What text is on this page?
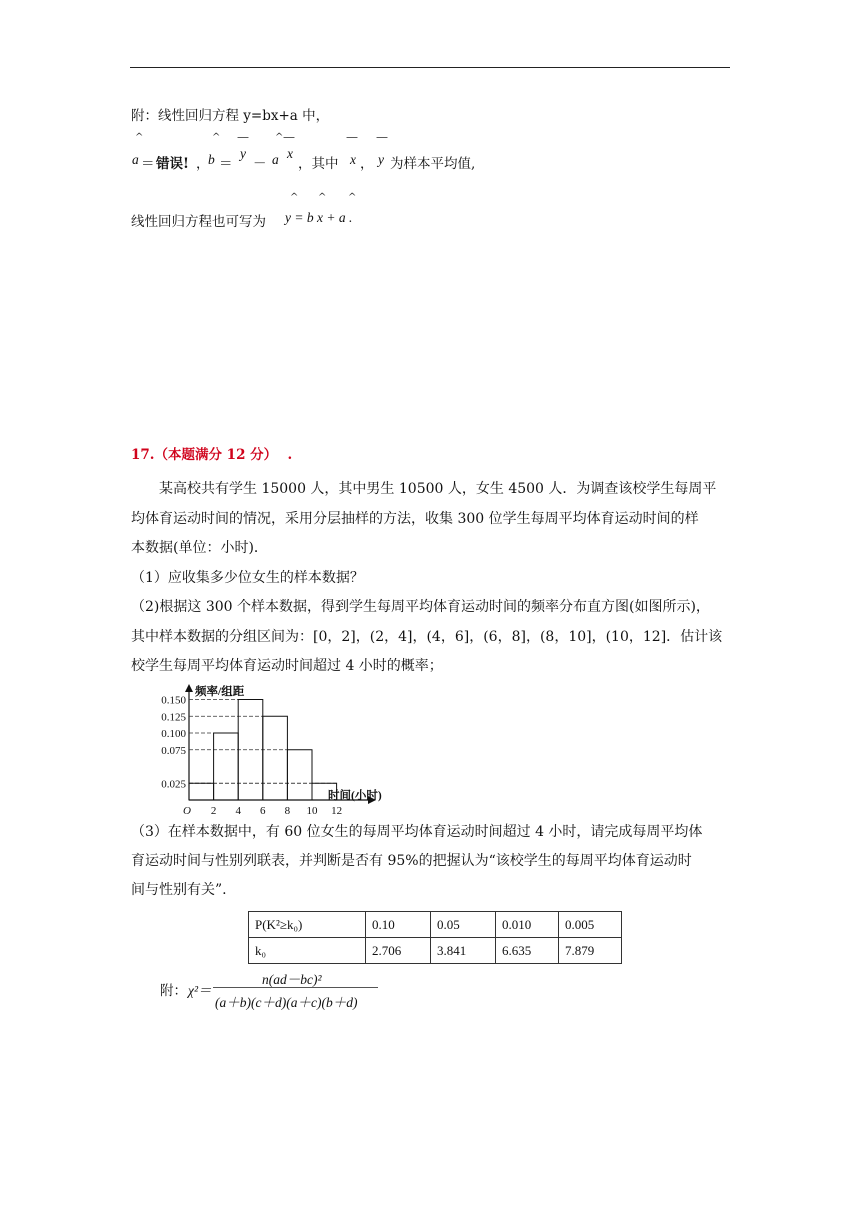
附：线性回归方程 y=bx+a 中，
^	^ —	^ —	— —
a ＝ 错误! ，
b ＝
y
－ a x
，其中 x ， y 为样本平均值,
^ ^ ^
线性回归方程也可写为 y = b x + a .
17.（本题满分 12 分） .
某高校共有学生 15000 人，其中男生 10500 人，女生 4500 人．为调查该校学生每周平
均体育运动时间的情况，采用分层抽样的方法，收集 300 位学生每周平均体育运动时间的样
本数据(单位：小时)．
（1）应收集多少位女生的样本数据？
（2)根据这 300 个样本数据，得到学生每周平均体育运动时间的频率分布直方图(如图所示)，
其中样本数据的分组区间为：[0，2]，(2，4]，(4，6]，(6，8]，(8，10]，(10，12]．估计该
校学生每周平均体育运动时间超过 4 小时的概率；
频率/组距
时间(小时)
O 2 4 6 8 10 12
0.150
0.125
0.100
0.075
0.025
（3）在样本数据中，有 60 位女生的每周平均体育运动时间超过 4 小时，请完成每周平均体
育运动时间与性别列联表，并判断是否有 95%的把握认为“该校学生的每周平均体育运动时
间与性别有关”.
P(K²≥k₀)	0.10	0.05	0.010	0.005
k₀	2.706	3.841	6.635	7.879
附： χ²＝
n(ad－bc)²
(a＋b)(c＋d)(a＋c)(b＋d)
